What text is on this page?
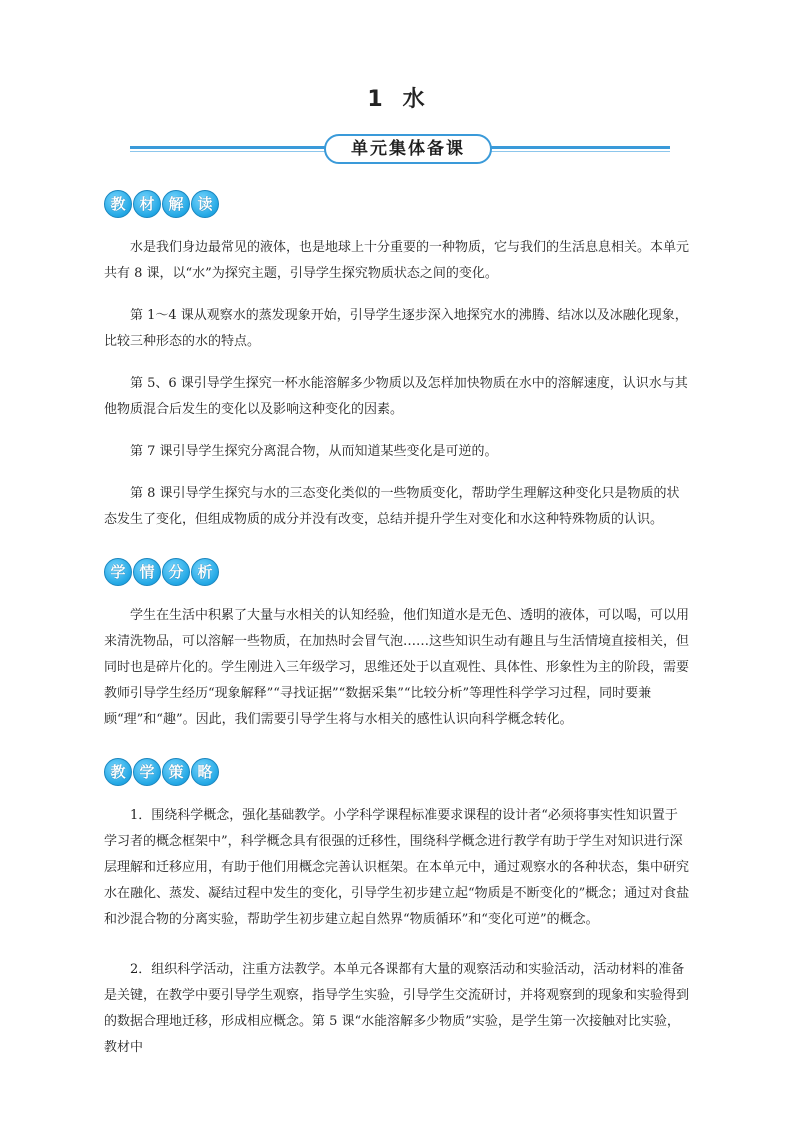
1 水
单元集体备课
教 材 解 读

水是我们身边最常见的液体，也是地球上十分重要的一种物质，它与我们的生活息息相关。本单元共有 8 课，以“水”为探究主题，引导学生探究物质状态之间的变化。

第 1～4 课从观察水的蒸发现象开始，引导学生逐步深入地探究水的沸腾、结冰以及冰融化现象，比较三种形态的水的特点。

第 5、6 课引导学生探究一杯水能溶解多少物质以及怎样加快物质在水中的溶解速度，认识水与其他物质混合后发生的变化以及影响这种变化的因素。

第 7 课引导学生探究分离混合物，从而知道某些变化是可逆的。

第 8 课引导学生探究与水的三态变化类似的一些物质变化，帮助学生理解这种变化只是物质的状态发生了变化，但组成物质的成分并没有改变，总结并提升学生对变化和水这种特殊物质的认识。

学 情 分 析

学生在生活中积累了大量与水相关的认知经验，他们知道水是无色、透明的液体，可以喝，可以用来清洗物品，可以溶解一些物质，在加热时会冒气泡……这些知识生动有趣且与生活情境直接相关，但同时也是碎片化的。学生刚进入三年级学习，思维还处于以直观性、具体性、形象性为主的阶段，需要教师引导学生经历“现象解释”“寻找证据”“数据采集”“比较分析”等理性科学学习过程，同时要兼顾“理”和“趣”。因此，我们需要引导学生将与水相关的感性认识向科学概念转化。

教 学 策 略

1．围绕科学概念，强化基础教学。小学科学课程标准要求课程的设计者“必须将事实性知识置于学习者的概念框架中”，科学概念具有很强的迁移性，围绕科学概念进行教学有助于学生对知识进行深层理解和迁移应用，有助于他们用概念完善认识框架。在本单元中，通过观察水的各种状态，集中研究水在融化、蒸发、凝结过程中发生的变化，引导学生初步建立起“物质是不断变化的”概念；通过对食盐和沙混合物的分离实验，帮助学生初步建立起自然界“物质循环”和“变化可逆”的概念。

2．组织科学活动，注重方法教学。本单元各课都有大量的观察活动和实验活动，活动材料的准备是关键，在教学中要引导学生观察，指导学生实验，引导学生交流研讨，并将观察到的现象和实验得到的数据合理地迁移，形成相应概念。第 5 课“水能溶解多少物质”实验，是学生第一次接触对比实验，教材中
